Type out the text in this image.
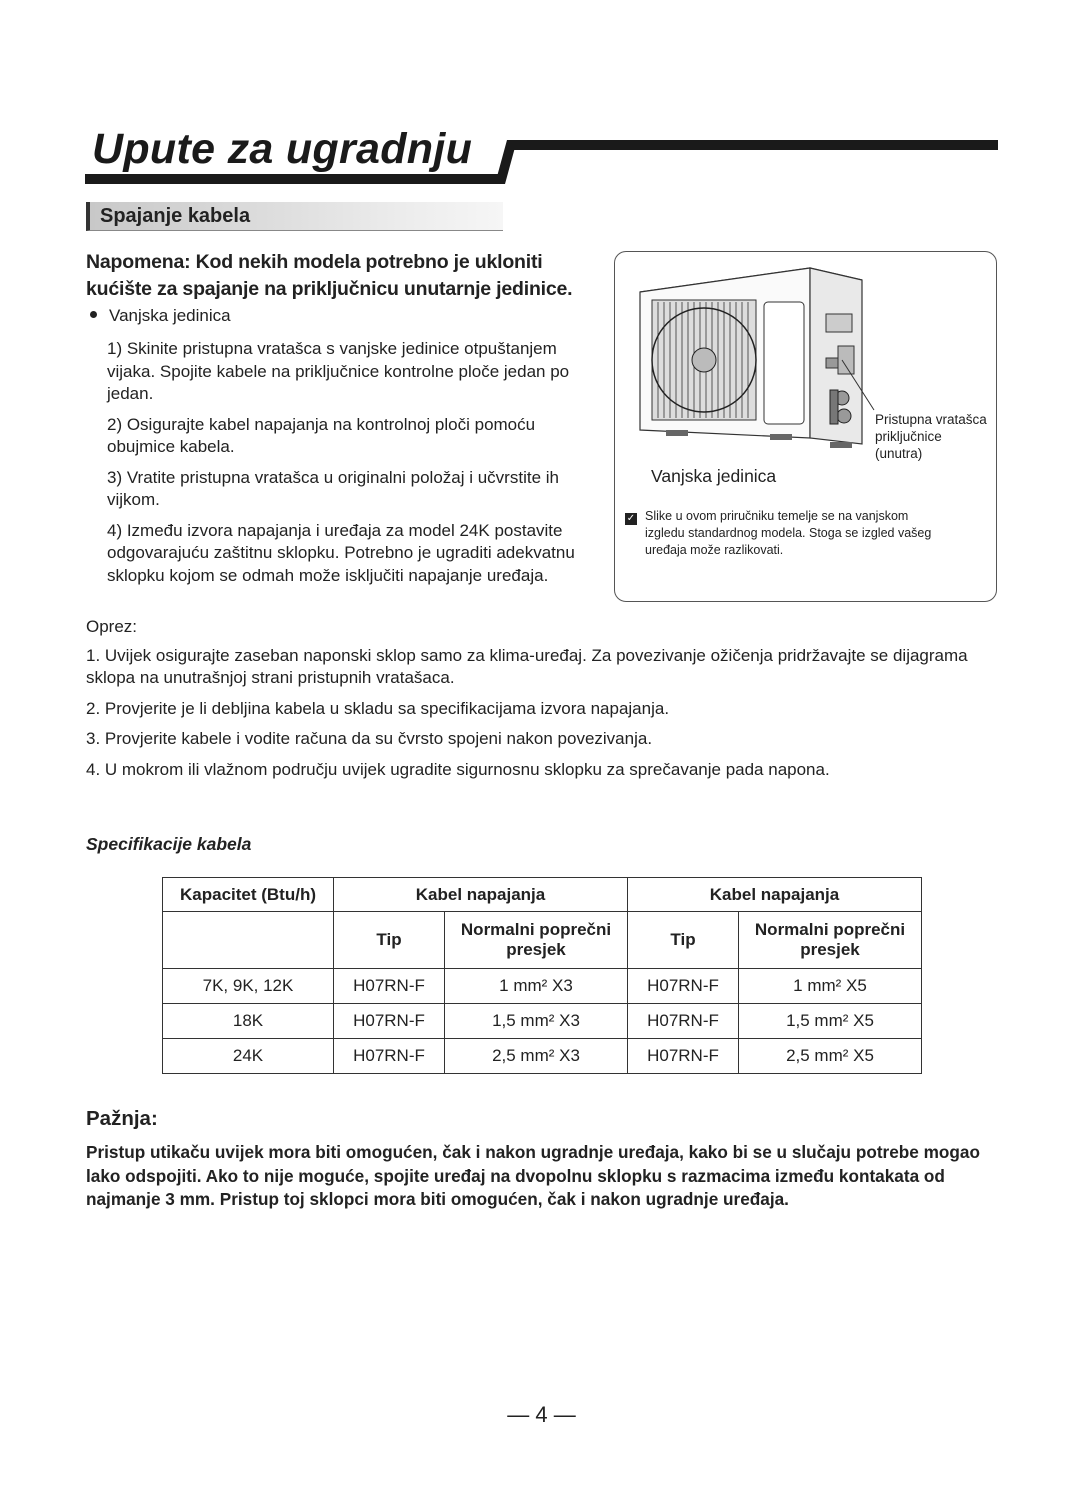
Upute za ugradnju
Spajanje kabela
Napomena: Kod nekih modela potrebno je ukloniti kućište za spajanje na priključnicu unutarnje jedinice.
Vanjska jedinica

1) Skinite pristupna vratašca s vanjske jedinice otpuštanjem vijaka. Spojite kabele na priključnice kontrolne ploče jedan po jedan.

2) Osigurajte kabel napajanja na kontrolnoj ploči pomoću obujmice kabela.

3) Vratite pristupna vratašca u originalni položaj i učvrstite ih vijkom.

4) Između izvora napajanja i uređaja za model 24K postavite odgovarajuću zaštitnu sklopku. Potrebno je ugraditi adekvatnu sklopku kojom se odmah može isključiti napajanje uređaja.

Vanjska jedinica
Pristupna vratašca
priključnice
(unutra)
✓ Slike u ovom priručniku temelje se na vanjskom
izgledu standardnog modela. Stoga se izgled vašeg
uređaja može razlikovati.

Oprez:

1. Uvijek osigurajte zaseban naponski sklop samo za klima-uređaj. Za povezivanje ožičenja pridržavajte se dijagrama sklopa na unutrašnjoj strani pristupnih vratašaca.

2. Provjerite je li debljina kabela u skladu sa specifikacijama izvora napajanja.

3. Provjerite kabele i vodite računa da su čvrsto spojeni nakon povezivanja.

4. U mokrom ili vlažnom području uvijek ugradite sigurnosnu sklopku za sprečavanje pada napona.

Specifikacije kabela
Kapacitet (Btu/h)	Kabel napajanja		Kabel napajanja	
	Tip	Normalni poprečni presjek	Tip	Normalni poprečni presjek
7K, 9K, 12K	H07RN-F	1 mm² X3	H07RN-F	1 mm² X5
18K	H07RN-F	1,5 mm² X3	H07RN-F	1,5 mm² X5
24K	H07RN-F	2,5 mm² X3	H07RN-F	2,5 mm² X5
Pažnja:
Pristup utikaču uvijek mora biti omogućen, čak i nakon ugradnje uređaja, kako bi se u slučaju potrebe mogao lako odspojiti. Ako to nije moguće, spojite uređaj na dvopolnu sklopku s razmacima između kontakata od najmanje 3 mm. Pristup toj sklopci mora biti omogućen, čak i nakon ugradnje uređaja.
— 4 —
